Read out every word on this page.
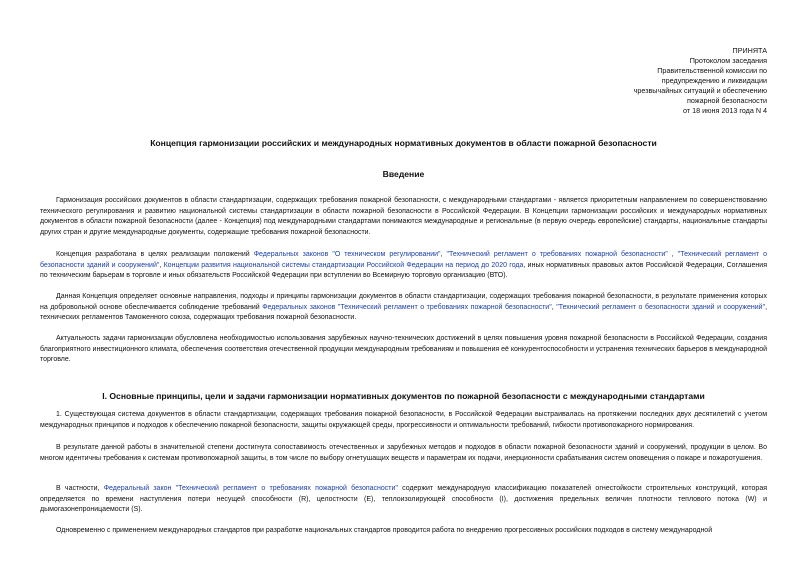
ПРИНЯТА
Протоколом заседания
Правительственной комиссии по
предупреждению и ликвидации
чрезвычайных ситуаций и обеспечению
пожарной безопасности
от 18 июня 2013 года N 4
Концепция гармонизации российских и международных нормативных документов в области пожарной безопасности
Введение

Гармонизация российских документов в области стандартизации, содержащих требования пожарной безопасности, с международными стандартами - является приоритетным направлением по совершенствованию технического регулирования и развитию национальной системы стандартизации в области пожарной безопасности в Российской Федерации. В Концепции гармонизации российских и международных нормативных документов в области пожарной безопасности (далее - Концепция) под международными стандартами понимаются международные и региональные (в первую очередь европейские) стандарты, национальные стандарты других стран и другие международные документы, содержащие требования пожарной безопасности.

Концепция разработана в целях реализации положений Федеральных законов "О техническом регулировании", "Технический регламент о требованиях пожарной безопасности" , "Технический регламент о безопасности зданий и сооружений", Концепции развития национальной системы стандартизации Российской Федерации на период до 2020 года, иных нормативных правовых актов Российской Федерации, Соглашения по техническим барьерам в торговле и иных обязательств Российской Федерации при вступлении во Всемирную торговую организацию (ВТО).

Данная Концепция определяет основные направления, подходы и принципы гармонизации документов в области стандартизации, содержащих требования пожарной безопасности, в результате применения которых на добровольной основе обеспечивается соблюдение требований Федеральных законов "Технический регламент о требованиях пожарной безопасности", "Технический регламент о безопасности зданий и сооружений", технических регламентов Таможенного союза, содержащих требования пожарной безопасности.

Актуальность задачи гармонизации обусловлена необходимостью использования зарубежных научно-технических достижений в целях повышения уровня пожарной безопасности в Российской Федерации, создания благоприятного инвестиционного климата, обеспечения соответствия отечественной продукции международным требованиям и повышения её конкурентоспособности и устранения технических барьеров в международной торговле.

I. Основные принципы, цели и задачи гармонизации нормативных документов по пожарной безопасности с международными стандартами

1. Существующая система документов в области стандартизации, содержащих требования пожарной безопасности, в Российской Федерации выстраивалась на протяжении последних двух десятилетий с учетом международных принципов и подходов к обеспечению пожарной безопасности, защиты окружающей среды, прогрессивности и оптимальности требований, гибкости противопожарного нормирования.

В результате данной работы в значительной степени достигнута сопоставимость отечественных и зарубежных методов и подходов в области пожарной безопасности зданий и сооружений, продукции в целом. Во многом идентичны требования к системам противопожарной защиты, в том числе по выбору огнетушащих веществ и параметрам их подачи, инерционности срабатывания систем оповещения о пожаре и пожаротушения.

В частности, Федеральный закон "Технический регламент о требованиях пожарной безопасности" содержит международную классификацию показателей огнестойкости строительных конструкций, которая определяется по времени наступления потери несущей способности (R), целостности (E), теплоизолирующей способности (I), достижения предельных величин плотности теплового потока (W) и дымогазонепроницаемости (S).

Одновременно с применением международных стандартов при разработке национальных стандартов проводится работа по внедрению прогрессивных российских подходов в систему международной
